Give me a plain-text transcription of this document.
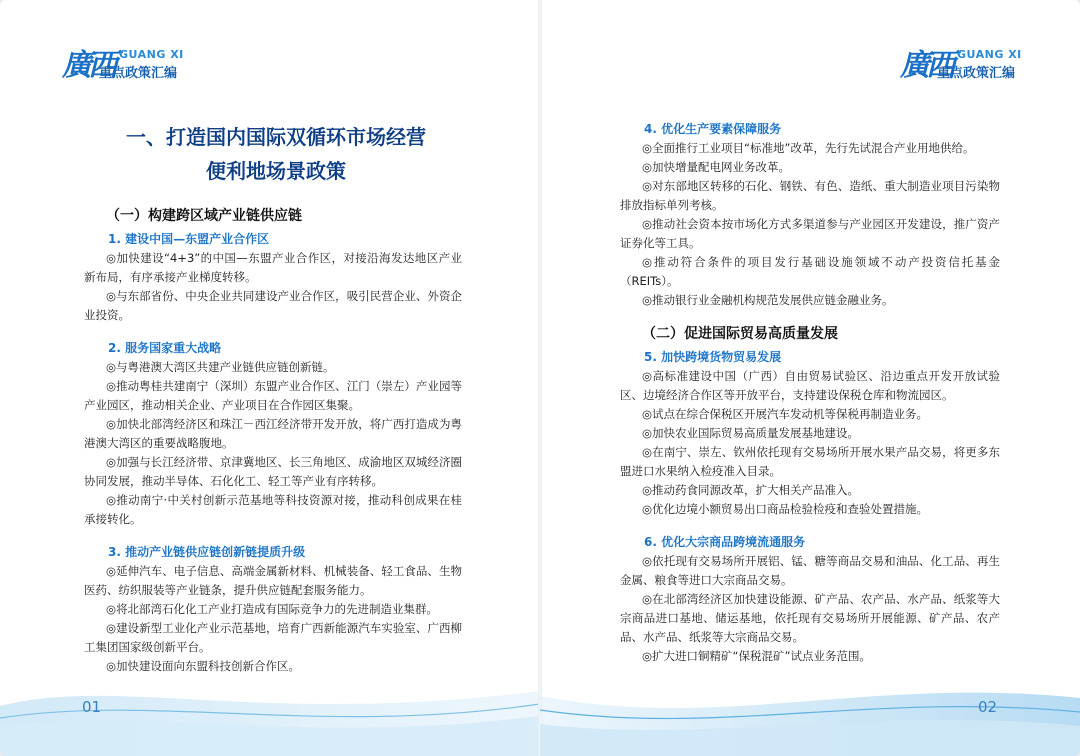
廣西 GUANG XI
重点政策汇编
一、打造国内国际双循环市场经营
便利地场景政策
（一）构建跨区域产业链供应链
1. 建设中国—东盟产业合作区

◎加快建设“4+3”的中国—东盟产业合作区，对接沿海发达地区产业新布局，有序承接产业梯度转移。

◎与东部省份、中央企业共同建设产业合作区，吸引民营企业、外资企业投资。

2. 服务国家重大战略

◎与粤港澳大湾区共建产业链供应链创新链。

◎推动粤桂共建南宁（深圳）东盟产业合作区、江门（崇左）产业园等产业园区，推动相关企业、产业项目在合作园区集聚。

◎加快北部湾经济区和珠江－西江经济带开发开放，将广西打造成为粤港澳大湾区的重要战略腹地。

◎加强与长江经济带、京津冀地区、长三角地区、成渝地区双城经济圈协同发展，推动半导体、石化化工、轻工等产业有序转移。

◎推动南宁·中关村创新示范基地等科技资源对接，推动科创成果在桂承接转化。

3. 推动产业链供应链创新链提质升级

◎延伸汽车、电子信息、高端金属新材料、机械装备、轻工食品、生物医药、纺织服装等产业链条，提升供应链配套服务能力。

◎将北部湾石化化工产业打造成有国际竞争力的先进制造业集群。

◎建设新型工业化产业示范基地，培育广西新能源汽车实验室、广西柳工集团国家级创新平台。

◎加快建设面向东盟科技创新合作区。

01
廣西 GUANG XI
重点政策汇编
4. 优化生产要素保障服务

◎全面推行工业项目“标准地”改革，先行先试混合产业用地供给。

◎加快增量配电网业务改革。

◎对东部地区转移的石化、钢铁、有色、造纸、重大制造业项目污染物排放指标单列考核。

◎推动社会资本按市场化方式多渠道参与产业园区开发建设，推广资产证券化等工具。

◎推动符合条件的项目发行基础设施领域不动产投资信托基金（REITs）。

◎推动银行业金融机构规范发展供应链金融业务。

（二）促进国际贸易高质量发展
5. 加快跨境货物贸易发展

◎高标准建设中国（广西）自由贸易试验区、沿边重点开发开放试验区、边境经济合作区等开放平台，支持建设保税仓库和物流园区。

◎试点在综合保税区开展汽车发动机等保税再制造业务。

◎加快农业国际贸易高质量发展基地建设。

◎在南宁、崇左、钦州依托现有交易场所开展水果产品交易，将更多东盟进口水果纳入检疫准入目录。

◎推动药食同源改革，扩大相关产品准入。

◎优化边境小额贸易出口商品检验检疫和查验处置措施。

6. 优化大宗商品跨境流通服务

◎依托现有交易场所开展铝、锰、糖等商品交易和油品、化工品、再生金属、粮食等进口大宗商品交易。

◎在北部湾经济区加快建设能源、矿产品、农产品、水产品、纸浆等大宗商品进口基地、储运基地，依托现有交易场所开展能源、矿产品、农产品、水产品、纸浆等大宗商品交易。

◎扩大进口铜精矿“保税混矿”试点业务范围。

02
